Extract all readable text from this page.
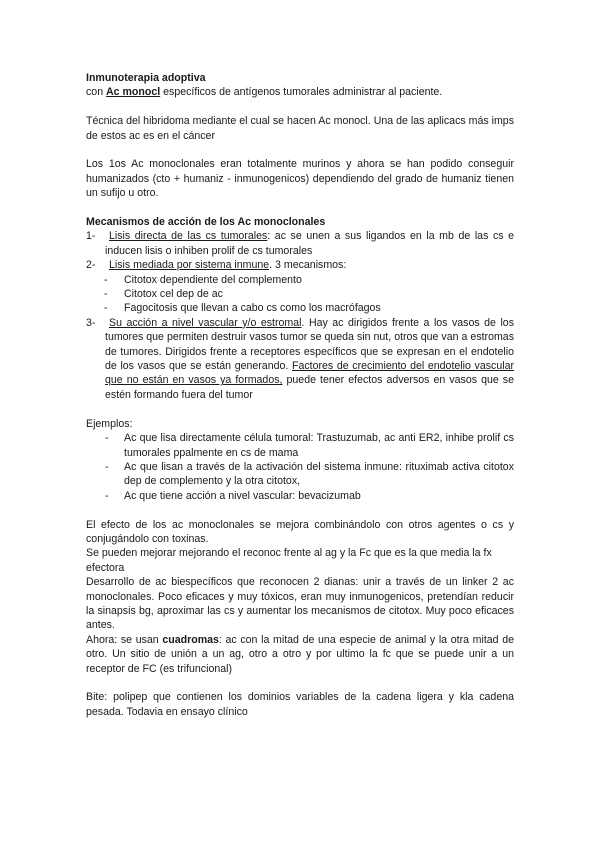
Inmunoterapia adoptiva

con Ac monocl específicos de antígenos tumorales administrar al paciente.

Técnica del hibridoma mediante el cual se hacen Ac monocl. Una de las aplicacs más imps de estos ac es en el cáncer

Los 1os Ac monoclonales eran totalmente murinos y ahora se han podido conseguir humanizados (cto + humaniz - inmunogenicos) dependiendo del grado de humaniz tienen un sufijo u otro.

Mecanismos de acción de los Ac monoclonales

1- Lisis directa de las cs tumorales: ac se unen a sus ligandos en la mb de las cs e inducen lisis o inhiben prolif de cs tumorales
2- Lisis mediada por sistema inmune. 3 mecanismos:
- Citotox dependiente del complemento
- Citotox cel dep de ac
- Fagocitosis que llevan a cabo cs como los macrófagos
3- Su acción a nivel vascular y/o estromal. Hay ac dirigidos frente a los vasos de los tumores que permiten destruir vasos tumor se queda sin nut, otros que van a estromas de tumores. Dirigidos frente a receptores específicos que se expresan en el endotelio de los vasos que se están generando. Factores de crecimiento del endotelio vascular que no están en vasos ya formados, puede tener efectos adversos en vasos que se estén formando fuera del tumor

Ejemplos:

- Ac que lisa directamente célula tumoral: Trastuzumab, ac anti ER2, inhibe prolif cs tumorales ppalmente en cs de mama
- Ac que lisan a través de la activación del sistema inmune: rituximab activa citotox dep de complemento y la otra citotox,
- Ac que tiene acción a nivel vascular: bevacizumab

El efecto de los ac monoclonales se mejora combinándolo con otros agentes o cs y conjugándolo con toxinas.

Se pueden mejorar mejorando el reconoc frente al ag y la Fc que es la que media la fx efectora

Desarrollo de ac biespecíficos que reconocen 2 dianas: unir a través de un linker 2 ac monoclonales. Poco eficaces y muy tóxicos, eran muy inmunogenicos, pretendían reducir la sinapsis bg, aproximar las cs y aumentar los mecanismos de citotox. Muy poco eficaces antes.

Ahora: se usan cuadromas: ac con la mitad de una especie de animal y la otra mitad de otro. Un sitio de unión a un ag, otro a otro y por ultimo la fc que se puede unir a un receptor de FC (es trifuncional)

Bite: polipep que contienen los dominios variables de la cadena ligera y kla cadena pesada. Todavia en ensayo clínico
